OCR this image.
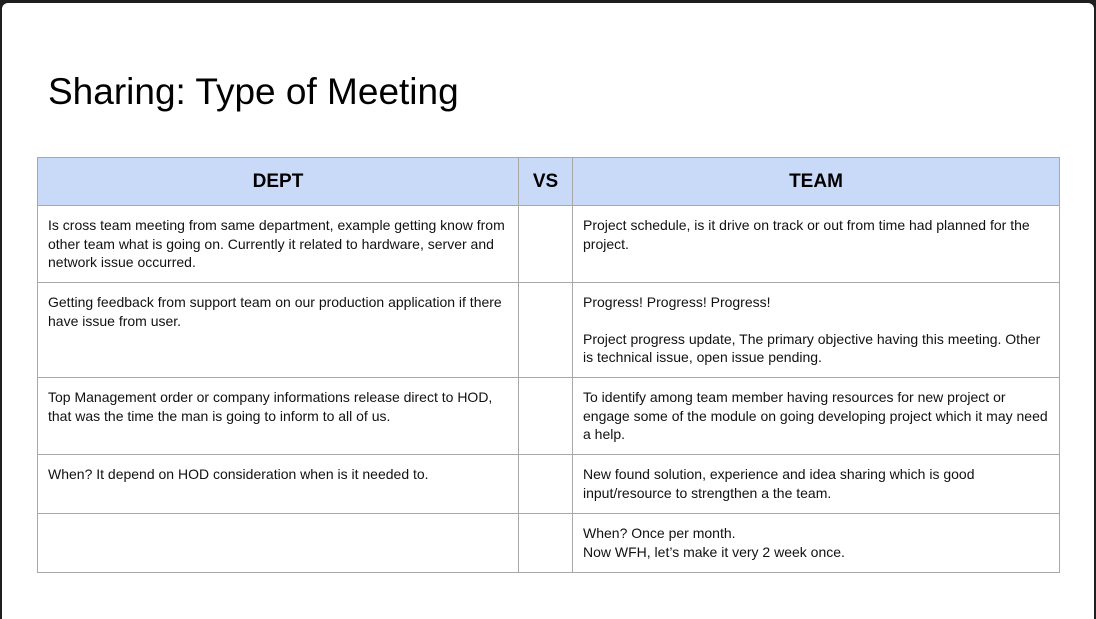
Sharing: Type of Meeting
DEPT	VS	TEAM
Is cross team meeting from same department, example getting know from other team what is going on. Currently it related to hardware, server and network issue occurred.		Project schedule, is it drive on track or out from time had planned for the project.

Getting feedback from support team on our production application if there have issue from user.		Progress! Progress! Progress!
Project progress update, The primary objective having this meeting. Other is technical issue, open issue pending.

Top Management order or company informations release direct to HOD, that was the time the man is going to inform to all of us.		To identify among team member having resources for new project or engage some of the module on going developing project which it may need a help.

When? It depend on HOD consideration when is it needed to.		New found solution, experience and idea sharing which is good input/resource to strengthen a the team.

		When? Once per month.
Now WFH, let’s make it very 2 week once.
